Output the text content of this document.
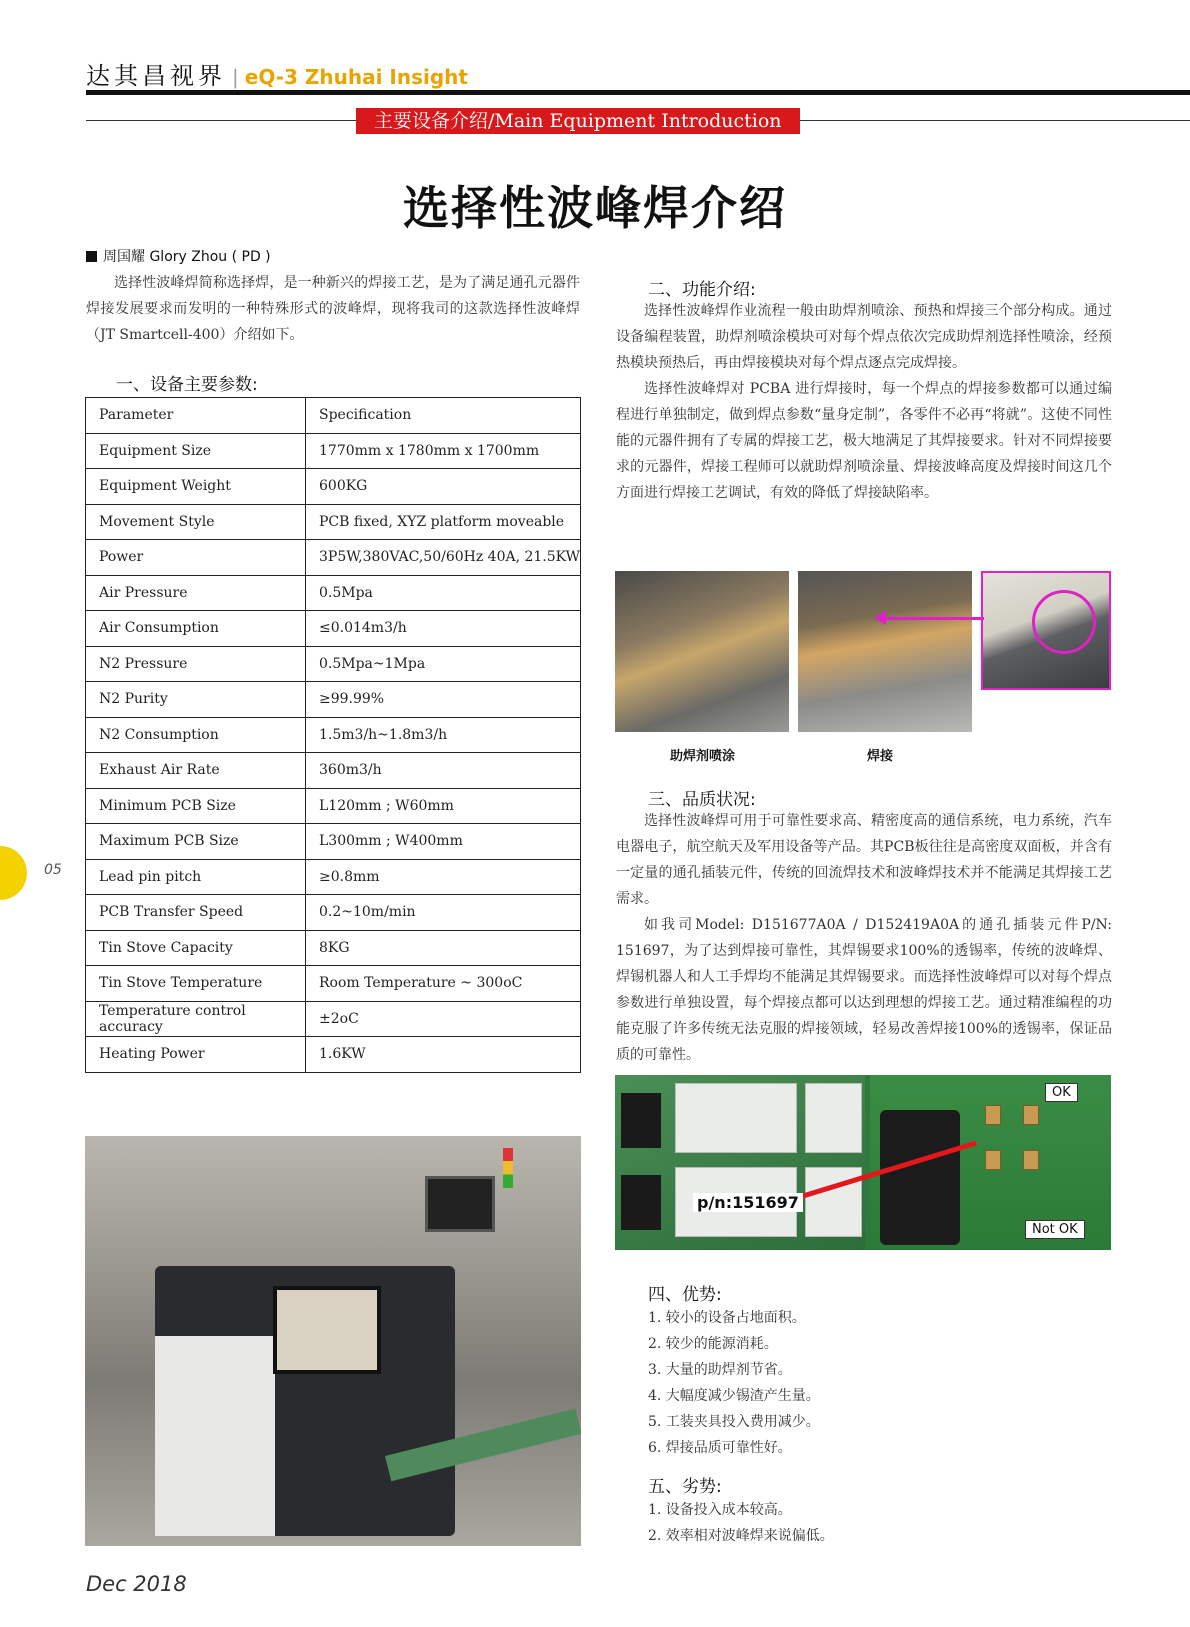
达其昌视界 | eQ-3 Zhuhai Insight
主要设备介绍/Main Equipment Introduction
选择性波峰焊介绍
周国耀 Glory Zhou ( PD )
选择性波峰焊简称选择焊，是一种新兴的焊接工艺，是为了满足通孔元器件焊接发展要求而发明的一种特殊形式的波峰焊，现将我司的这款选择性波峰焊（JT Smartcell-400）介绍如下。
一、设备主要参数:
Parameter	Specification
Equipment Size	1770mm x 1780mm x 1700mm
Equipment Weight	600KG
Movement Style	PCB fixed, XYZ platform moveable
Power	3P5W,380VAC,50/60Hz 40A, 21.5KW
Air Pressure	0.5Mpa
Air Consumption	≤0.014m3/h
N2 Pressure	0.5Mpa~1Mpa
N2 Purity	≥99.99%
N2 Consumption	1.5m3/h~1.8m3/h
Exhaust Air Rate	360m3/h
Minimum PCB Size	L120mm ; W60mm
Maximum PCB Size	L300mm ; W400mm
Lead pin pitch	≥0.8mm
PCB Transfer Speed	0.2~10m/min
Tin Stove Capacity	8KG
Tin Stove Temperature	Room Temperature ~ 300oC
Temperature control accuracy	±2oC
Heating Power	1.6KW
二、功能介绍:
选择性波峰焊作业流程一般由助焊剂喷涂、预热和焊接三个部分构成。通过设备编程装置，助焊剂喷涂模块可对每个焊点依次完成助焊剂选择性喷涂，经预热模块预热后，再由焊接模块对每个焊点逐点完成焊接。
选择性波峰焊对 PCBA 进行焊接时，每一个焊点的焊接参数都可以通过编程进行单独制定，做到焊点参数“量身定制”，各零件不必再“将就”。这使不同性能的元器件拥有了专属的焊接工艺，极大地满足了其焊接要求。针对不同焊接要求的元器件，焊接工程师可以就助焊剂喷涂量、焊接波峰高度及焊接时间这几个方面进行焊接工艺调试，有效的降低了焊接缺陷率。
助焊剂喷涂	焊接
三、品质状况:
选择性波峰焊可用于可靠性要求高、精密度高的通信系统，电力系统，汽车电器电子，航空航天及军用设备等产品。其PCB板往往是高密度双面板，并含有一定量的通孔插装元件，传统的回流焊技术和波峰焊技术并不能满足其焊接工艺需求。
如我司Model: D151677A0A / D152419A0A的通孔插装元件P/N: 151697，为了达到焊接可靠性，其焊锡要求100%的透锡率，传统的波峰焊、焊锡机器人和人工手焊均不能满足其焊锡要求。而选择性波峰焊可以对每个焊点参数进行单独设置，每个焊接点都可以达到理想的焊接工艺。通过精准编程的功能克服了许多传统无法克服的焊接领域，轻易改善焊接100%的透锡率，保证品质的可靠性。
OK
Not OK
p/n:151697
四、优势:
1. 较小的设备占地面积。
2. 较少的能源消耗。
3. 大量的助焊剂节省。
4. 大幅度减少锡渣产生量。
5. 工装夹具投入费用减少。
6. 焊接品质可靠性好。
五、劣势:
1. 设备投入成本较高。
2. 效率相对波峰焊来说偏低。
05
Dec 2018
